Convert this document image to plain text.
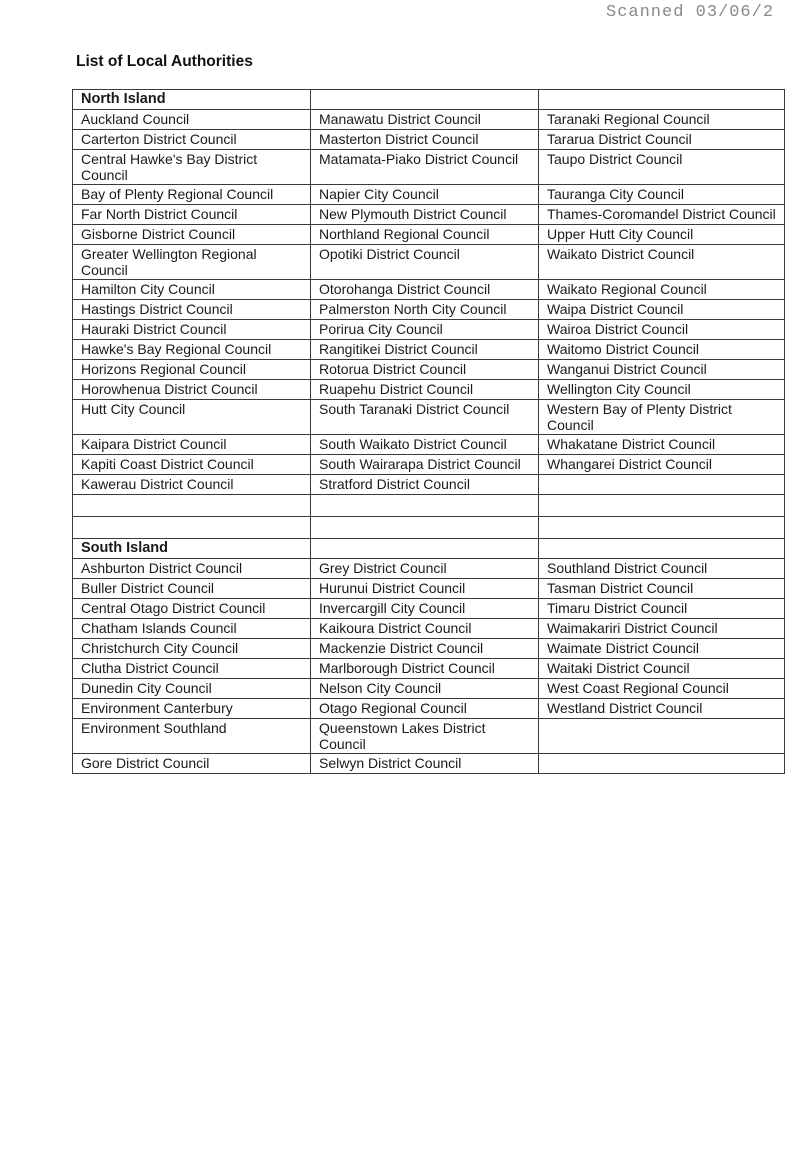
Scanned 03/06/2
List of Local Authorities
North Island		
Auckland Council	Manawatu District Council	Taranaki Regional Council
Carterton District Council	Masterton District Council	Tararua District Council
Central Hawke's Bay District Council	Matamata-Piako District Council	Taupo District Council
Bay of Plenty Regional Council	Napier City Council	Tauranga City Council
Far North District Council	New Plymouth District Council	Thames-Coromandel District Council
Gisborne District Council	Northland Regional Council	Upper Hutt City Council
Greater Wellington Regional Council	Opotiki District Council	Waikato District Council
Hamilton City Council	Otorohanga District Council	Waikato Regional Council
Hastings District Council	Palmerston North City Council	Waipa District Council
Hauraki District Council	Porirua City Council	Wairoa District Council
Hawke's Bay Regional Council	Rangitikei District Council	Waitomo District Council
Horizons Regional Council	Rotorua District Council	Wanganui District Council
Horowhenua District Council	Ruapehu District Council	Wellington City Council
Hutt City Council	South Taranaki District Council	Western Bay of Plenty District Council
Kaipara District Council	South Waikato District Council	Whakatane District Council
Kapiti Coast District Council	South Wairarapa District Council	Whangarei District Council
Kawerau District Council	Stratford District Council	

South Island		
Ashburton District Council	Grey District Council	Southland District Council
Buller District Council	Hurunui District Council	Tasman District Council
Central Otago District Council	Invercargill City Council	Timaru District Council
Chatham Islands Council	Kaikoura District Council	Waimakariri District Council
Christchurch City Council	Mackenzie District Council	Waimate District Council
Clutha District Council	Marlborough District Council	Waitaki District Council
Dunedin City Council	Nelson City Council	West Coast Regional Council
Environment Canterbury	Otago Regional Council	Westland District Council
Environment Southland	Queenstown Lakes District Council	
Gore District Council	Selwyn District Council	
